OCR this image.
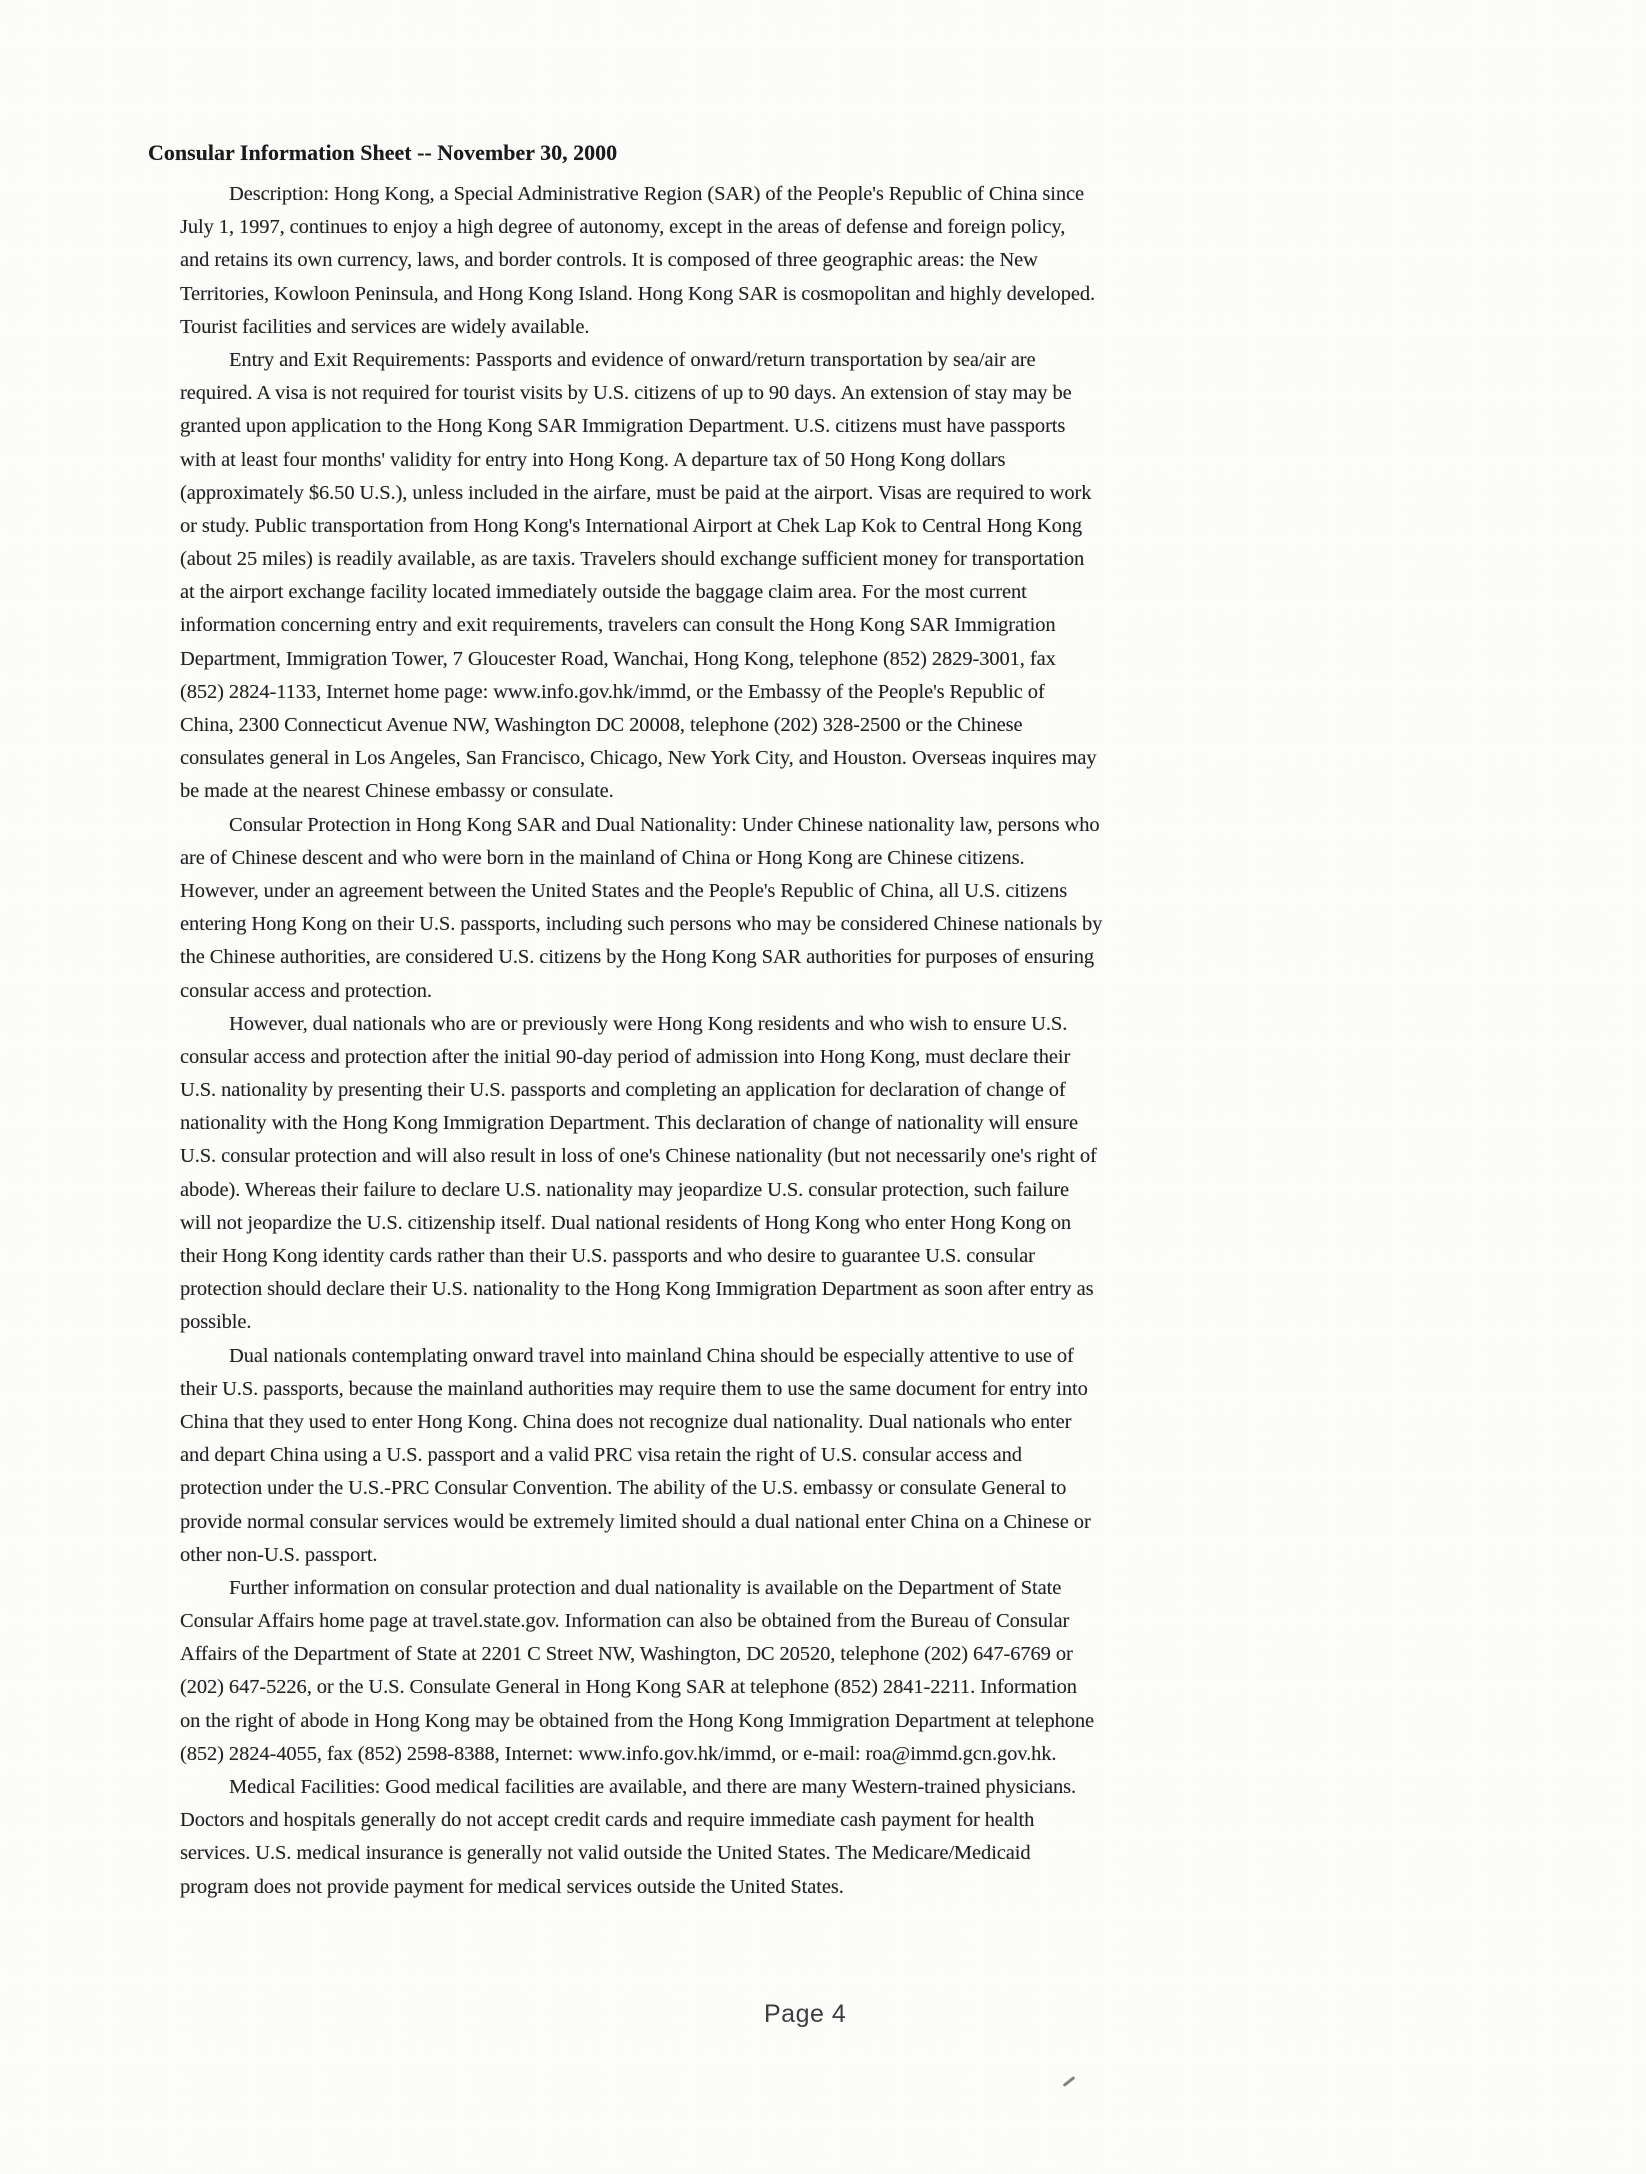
Consular Information Sheet -- November 30, 2000
Description: Hong Kong, a Special Administrative Region (SAR) of the People's Republic of China since
July 1, 1997, continues to enjoy a high degree of autonomy, except in the areas of defense and foreign policy,
and retains its own currency, laws, and border controls. It is composed of three geographic areas: the New
Territories, Kowloon Peninsula, and Hong Kong Island. Hong Kong SAR is cosmopolitan and highly developed.
Tourist facilities and services are widely available.
Entry and Exit Requirements: Passports and evidence of onward/return transportation by sea/air are
required. A visa is not required for tourist visits by U.S. citizens of up to 90 days. An extension of stay may be
granted upon application to the Hong Kong SAR Immigration Department. U.S. citizens must have passports
with at least four months' validity for entry into Hong Kong. A departure tax of 50 Hong Kong dollars
(approximately $6.50 U.S.), unless included in the airfare, must be paid at the airport. Visas are required to work
or study. Public transportation from Hong Kong's International Airport at Chek Lap Kok to Central Hong Kong
(about 25 miles) is readily available, as are taxis. Travelers should exchange sufficient money for transportation
at the airport exchange facility located immediately outside the baggage claim area. For the most current
information concerning entry and exit requirements, travelers can consult the Hong Kong SAR Immigration
Department, Immigration Tower, 7 Gloucester Road, Wanchai, Hong Kong, telephone (852) 2829-3001, fax
(852) 2824-1133, Internet home page: www.info.gov.hk/immd, or the Embassy of the People's Republic of
China, 2300 Connecticut Avenue NW, Washington DC 20008, telephone (202) 328-2500 or the Chinese
consulates general in Los Angeles, San Francisco, Chicago, New York City, and Houston. Overseas inquires may
be made at the nearest Chinese embassy or consulate.
Consular Protection in Hong Kong SAR and Dual Nationality: Under Chinese nationality law, persons who
are of Chinese descent and who were born in the mainland of China or Hong Kong are Chinese citizens.
However, under an agreement between the United States and the People's Republic of China, all U.S. citizens
entering Hong Kong on their U.S. passports, including such persons who may be considered Chinese nationals by
the Chinese authorities, are considered U.S. citizens by the Hong Kong SAR authorities for purposes of ensuring
consular access and protection.
However, dual nationals who are or previously were Hong Kong residents and who wish to ensure U.S.
consular access and protection after the initial 90-day period of admission into Hong Kong, must declare their
U.S. nationality by presenting their U.S. passports and completing an application for declaration of change of
nationality with the Hong Kong Immigration Department. This declaration of change of nationality will ensure
U.S. consular protection and will also result in loss of one's Chinese nationality (but not necessarily one's right of
abode). Whereas their failure to declare U.S. nationality may jeopardize U.S. consular protection, such failure
will not jeopardize the U.S. citizenship itself. Dual national residents of Hong Kong who enter Hong Kong on
their Hong Kong identity cards rather than their U.S. passports and who desire to guarantee U.S. consular
protection should declare their U.S. nationality to the Hong Kong Immigration Department as soon after entry as
possible.
Dual nationals contemplating onward travel into mainland China should be especially attentive to use of
their U.S. passports, because the mainland authorities may require them to use the same document for entry into
China that they used to enter Hong Kong. China does not recognize dual nationality. Dual nationals who enter
and depart China using a U.S. passport and a valid PRC visa retain the right of U.S. consular access and
protection under the U.S.-PRC Consular Convention. The ability of the U.S. embassy or consulate General to
provide normal consular services would be extremely limited should a dual national enter China on a Chinese or
other non-U.S. passport.
Further information on consular protection and dual nationality is available on the Department of State
Consular Affairs home page at travel.state.gov. Information can also be obtained from the Bureau of Consular
Affairs of the Department of State at 2201 C Street NW, Washington, DC 20520, telephone (202) 647-6769 or
(202) 647-5226, or the U.S. Consulate General in Hong Kong SAR at telephone (852) 2841-2211. Information
on the right of abode in Hong Kong may be obtained from the Hong Kong Immigration Department at telephone
(852) 2824-4055, fax (852) 2598-8388, Internet: www.info.gov.hk/immd, or e-mail: roa@immd.gcn.gov.hk.
Medical Facilities: Good medical facilities are available, and there are many Western-trained physicians.
Doctors and hospitals generally do not accept credit cards and require immediate cash payment for health
services. U.S. medical insurance is generally not valid outside the United States. The Medicare/Medicaid
program does not provide payment for medical services outside the United States.
Page 4
